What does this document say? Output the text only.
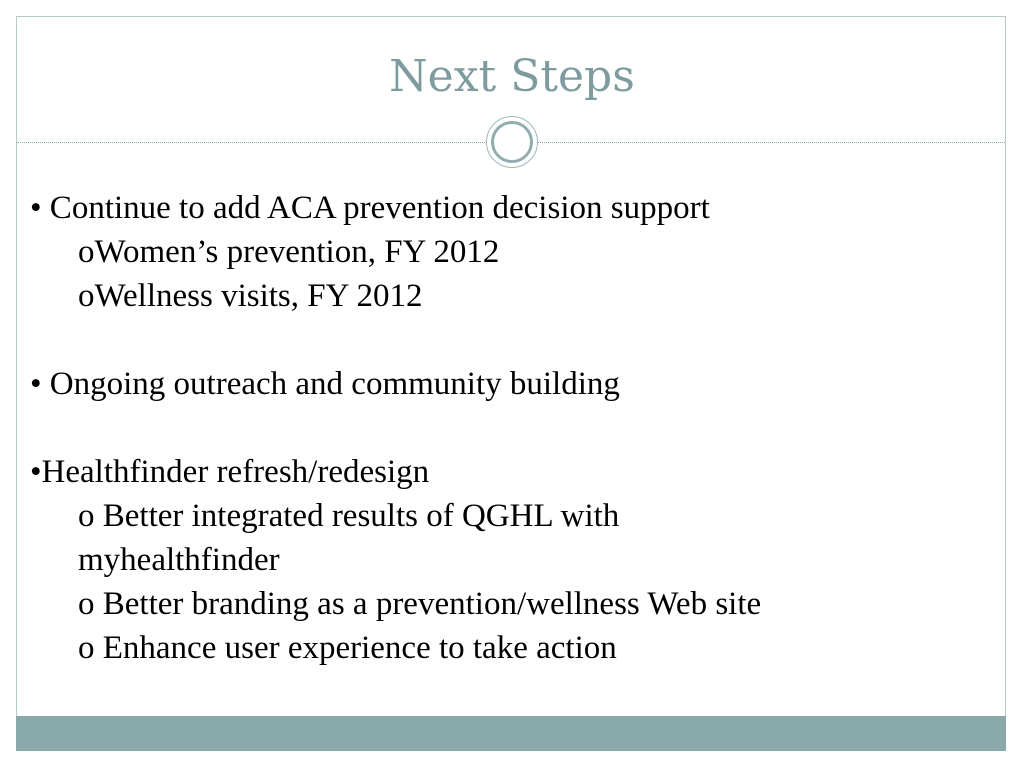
Next Steps
• Continue to add ACA prevention decision support
oWomen’s prevention, FY 2012
oWellness visits, FY 2012
• Ongoing outreach and community building
•Healthfinder refresh/redesign
o Better integrated results of QGHL with
myhealthfinder
o Better branding as a prevention/wellness Web site
o Enhance user experience to take action
